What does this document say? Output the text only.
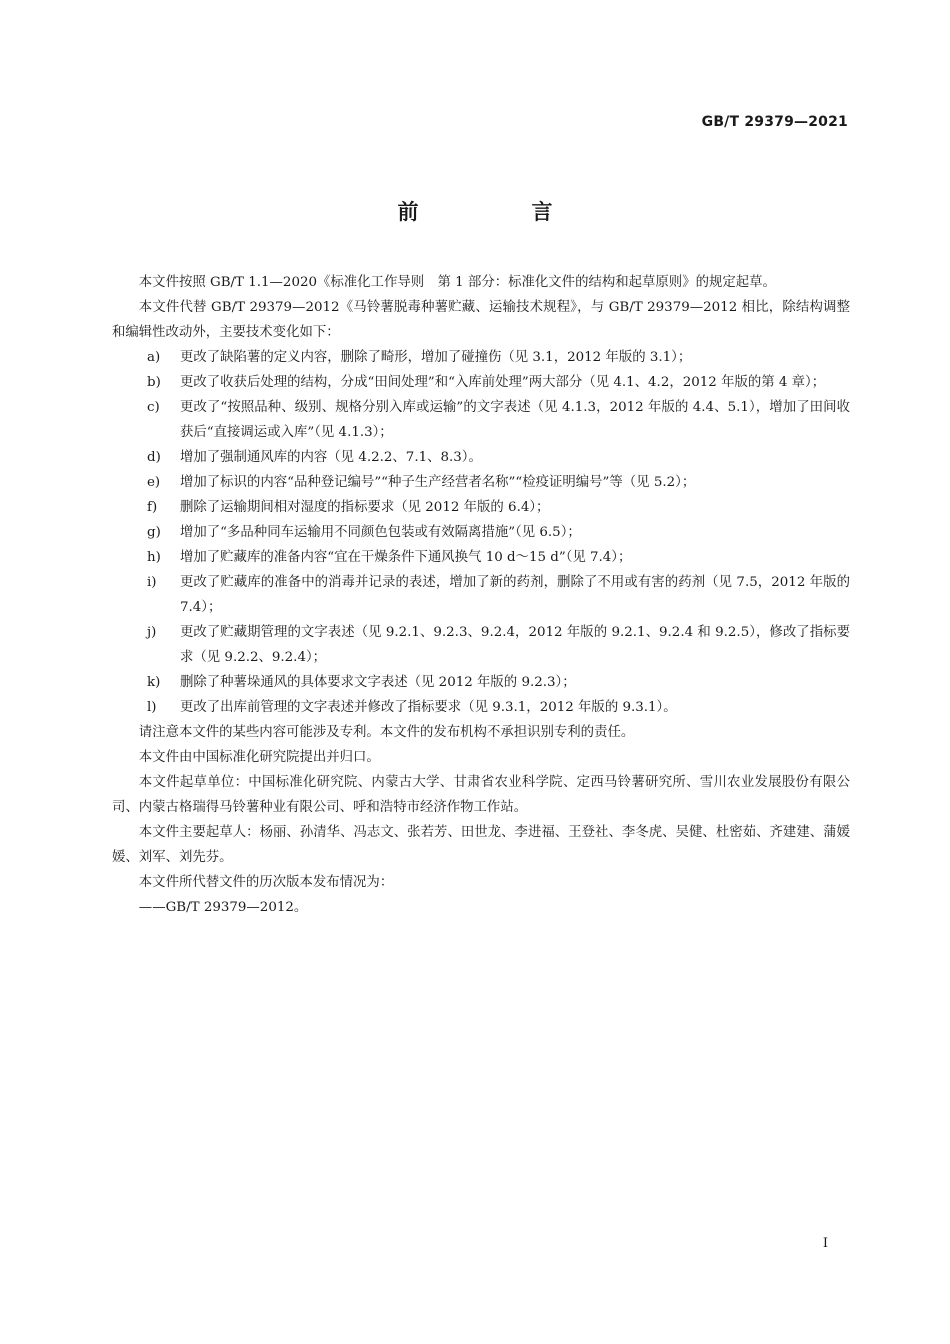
GB/T 29379—2021
前　言

本文件按照 GB/T 1.1—2020《标准化工作导则　第 1 部分：标准化文件的结构和起草原则》的规定起草。

本文件代替 GB/T 29379—2012《马铃薯脱毒种薯贮藏、运输技术规程》，与 GB/T 29379—2012 相比，除结构调整和编辑性改动外，主要技术变化如下：

a) 更改了缺陷薯的定义内容，删除了畸形，增加了碰撞伤（见 3.1，2012 年版的 3.1）；
b) 更改了收获后处理的结构，分成“田间处理”和“入库前处理”两大部分（见 4.1、4.2，2012 年版的第 4 章）；
c) 更改了“按照品种、级别、规格分别入库或运输”的文字表述（见 4.1.3，2012 年版的 4.4、5.1），增加了田间收获后“直接调运或入库”（见 4.1.3）；
d) 增加了强制通风库的内容（见 4.2.2、7.1、8.3）。
e) 增加了标识的内容“品种登记编号”“种子生产经营者名称”“检疫证明编号”等（见 5.2）；
f) 删除了运输期间相对湿度的指标要求（见 2012 年版的 6.4）；
g) 增加了“多品种同车运输用不同颜色包装或有效隔离措施”（见 6.5）；
h) 增加了贮藏库的准备内容“宜在干燥条件下通风换气 10 d～15 d”（见 7.4）；
i) 更改了贮藏库的准备中的消毒并记录的表述，增加了新的药剂，删除了不用或有害的药剂（见 7.5，2012 年版的 7.4）；
j) 更改了贮藏期管理的文字表述（见 9.2.1、9.2.3、9.2.4，2012 年版的 9.2.1、9.2.4 和 9.2.5），修改了指标要求（见 9.2.2、9.2.4）；
k) 删除了种薯垛通风的具体要求文字表述（见 2012 年版的 9.2.3）；
l) 更改了出库前管理的文字表述并修改了指标要求（见 9.3.1，2012 年版的 9.3.1）。

请注意本文件的某些内容可能涉及专利。本文件的发布机构不承担识别专利的责任。

本文件由中国标准化研究院提出并归口。

本文件起草单位：中国标准化研究院、内蒙古大学、甘肃省农业科学院、定西马铃薯研究所、雪川农业发展股份有限公司、内蒙古格瑞得马铃薯种业有限公司、呼和浩特市经济作物工作站。

本文件主要起草人：杨丽、孙清华、冯志文、张若芳、田世龙、李进福、王登社、李冬虎、吴健、杜密茹、齐建建、蒲媛媛、刘军、刘先芬。

本文件所代替文件的历次版本发布情况为：

——GB/T 29379—2012。

I
